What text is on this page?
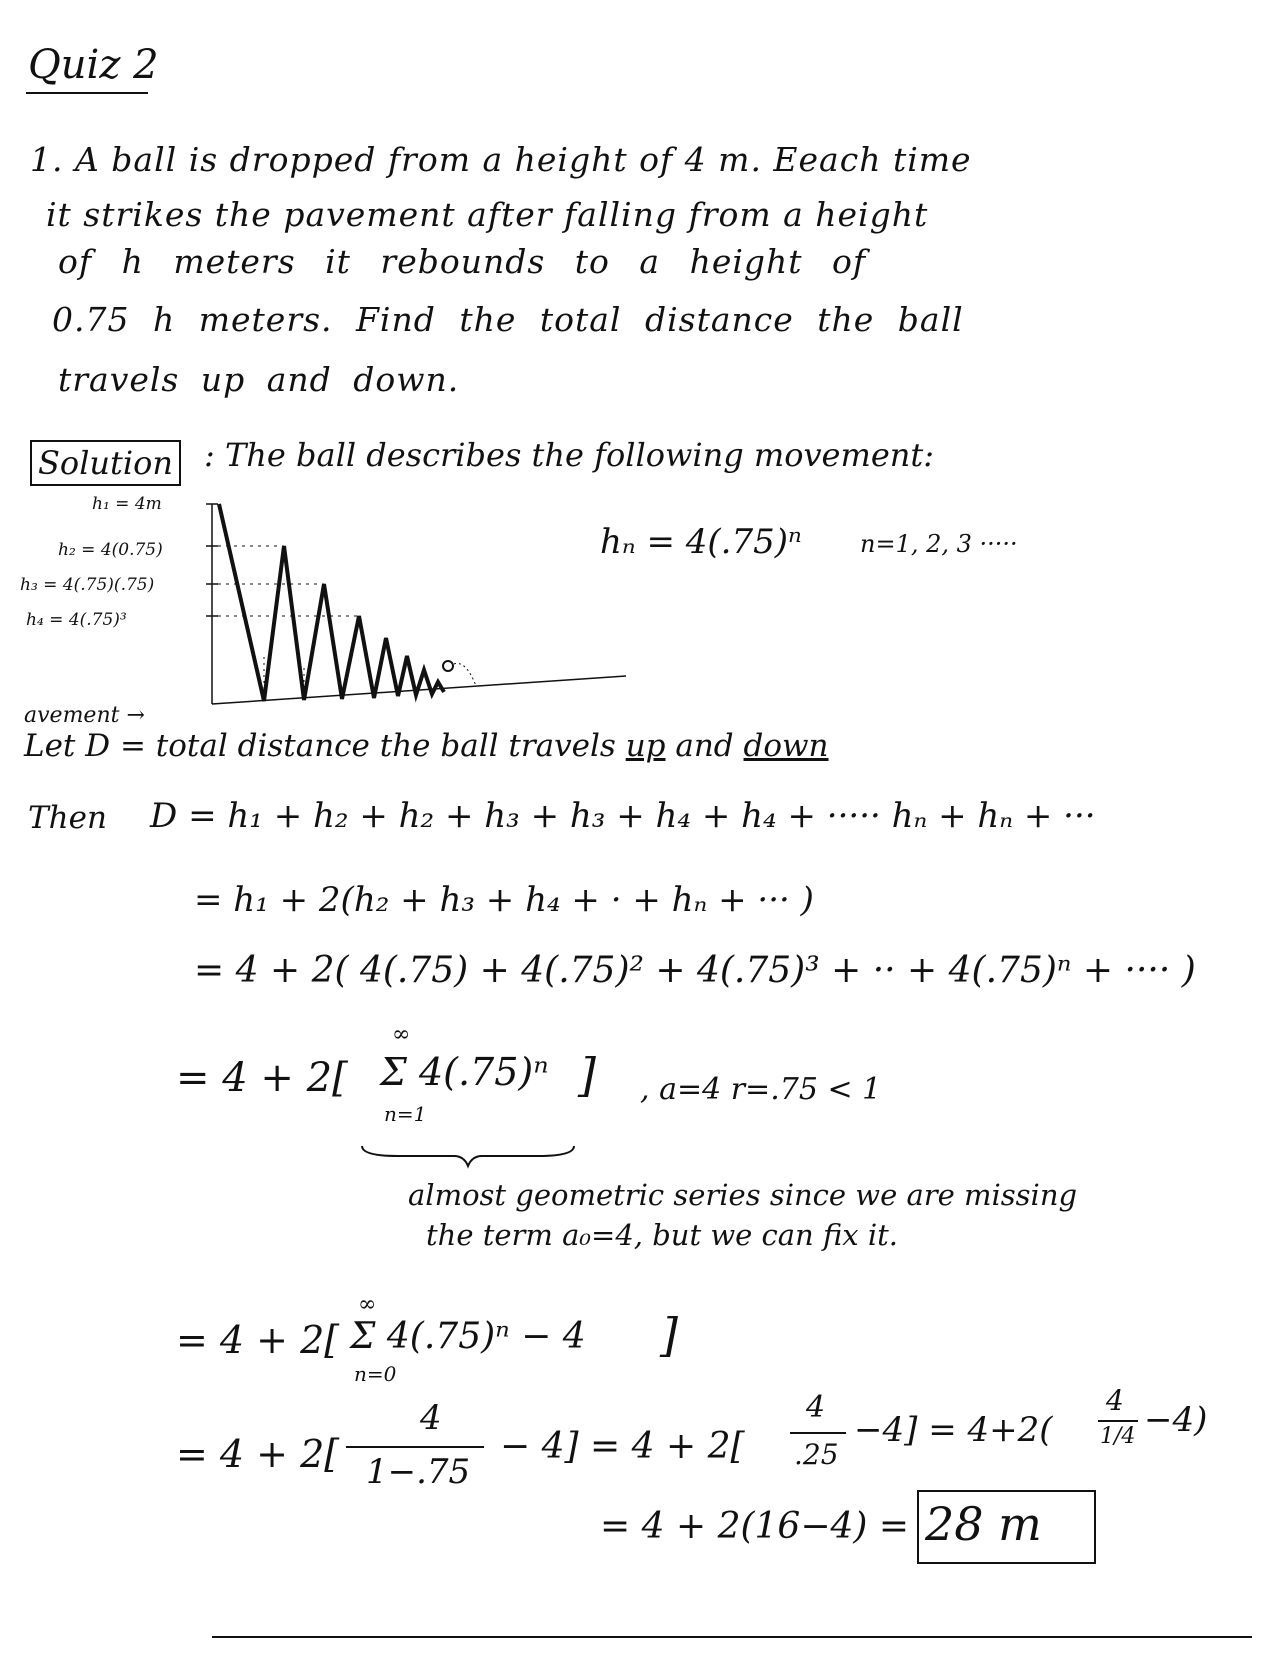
Quiz 2
1. A ball is dropped from a height of 4 m. Eeach time
it strikes the pavement after falling from a height
of h meters it rebounds to a height of
0.75 h meters. Find the total distance the ball
travels up and down.
Solution : The ball describes the following movement:
h₁ = 4m
h₂ = 4(0.75)
h₃ = 4(.75)(.75)
h₄ = 4(.75)³
avement →
hₙ = 4(.75)ⁿ n=1, 2, 3 ·····
Let D = total distance the ball travels up and down
Then D = h₁ + h₂ + h₂ + h₃ + h₃ + h₄ + h₄ + ····· hₙ + hₙ + ···
= h₁ + 2(h₂ + h₃ + h₄ + · + hₙ + ··· )
= 4 + 2( 4(.75) + 4(.75)² + 4(.75)³ + ·· + 4(.75)ⁿ + ···· )
= 4 + 2[
∞
Σ 4(.75)ⁿ
n=1
] , a=4 r=.75 < 1
almost geometric series since we are missing
the term a₀=4, but we can fix it.
= 4 + 2[
∞
Σ 4(.75)ⁿ − 4
n=0
]
= 4 + 2[
4
1−.75
− 4] = 4 + 2[
4
.25
−4] = 4+2(
4
1/4 −4)
= 4 + 2(16−4) = 28 m
